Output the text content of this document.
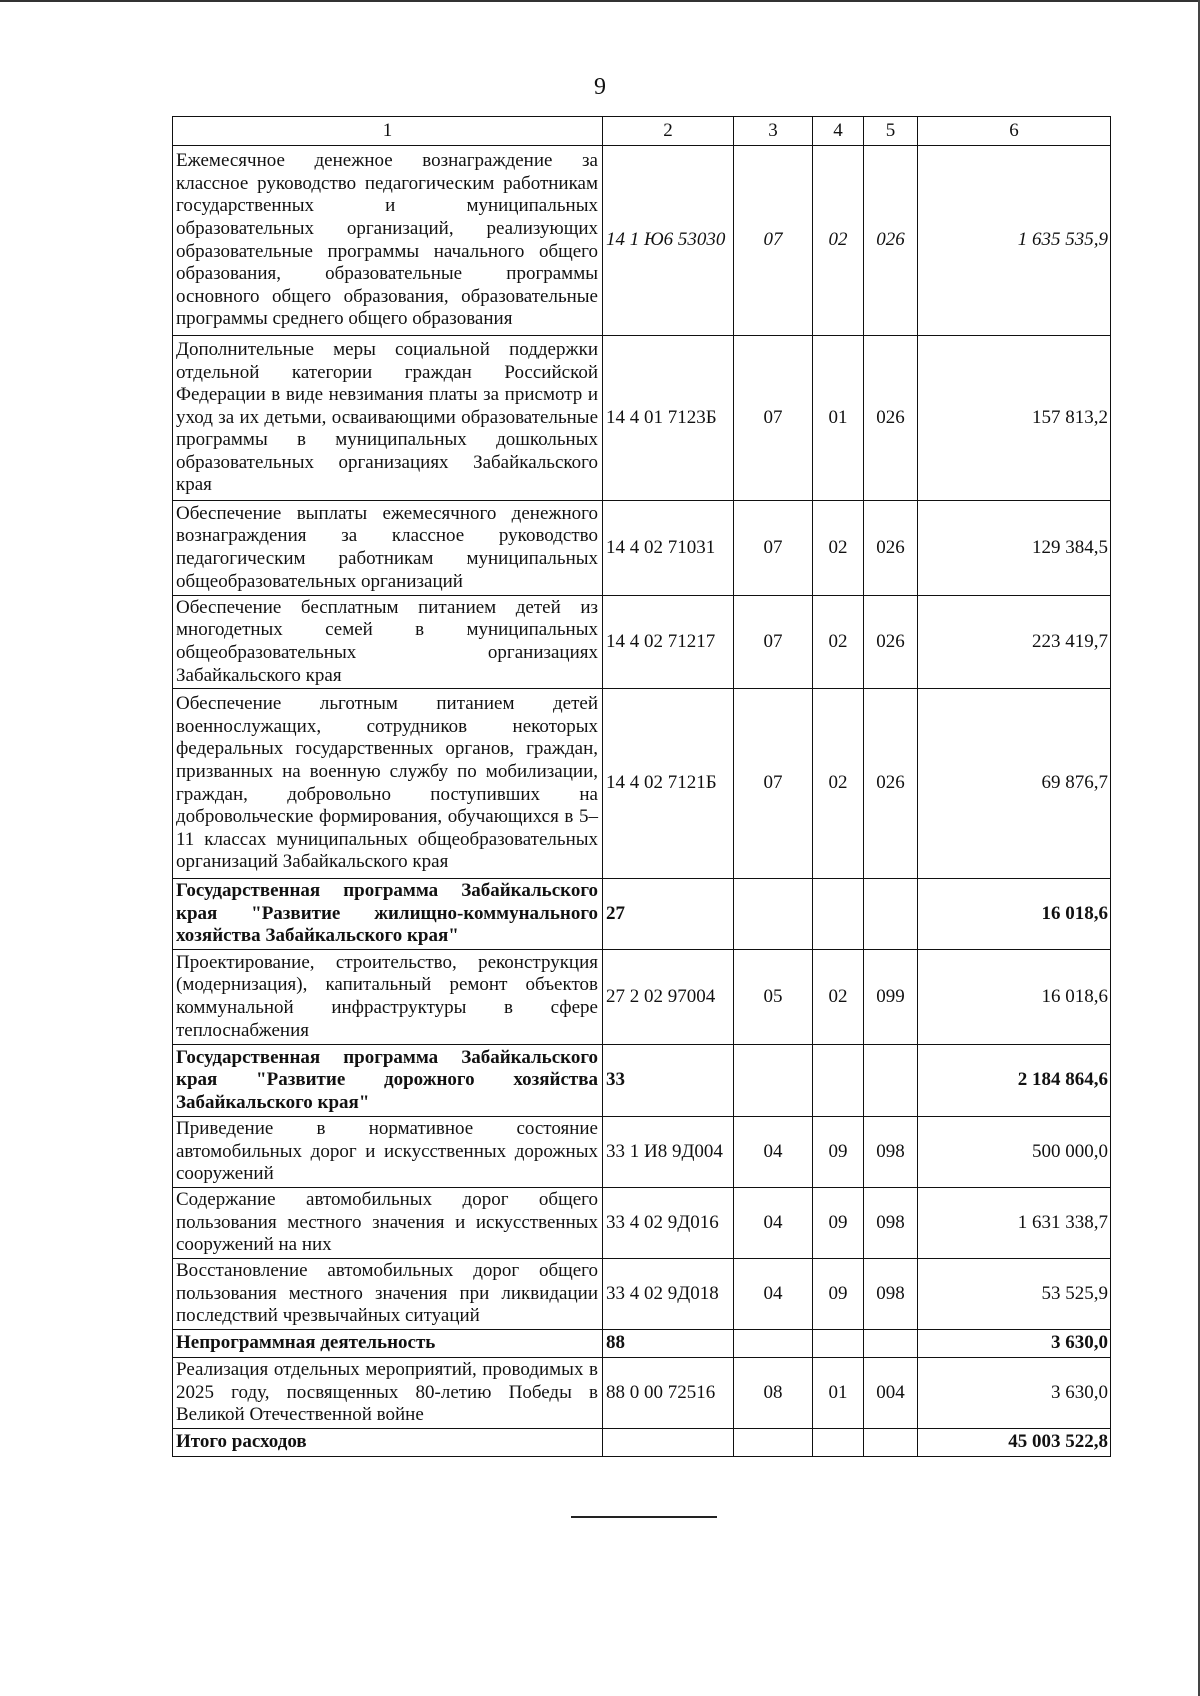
9
1	2	3	4	5	6
Ежемесячное денежное вознаграждение за классное руководство педагогическим работникам государственных и муниципальных образовательных организаций, реализующих образовательные программы начального общего образования, образовательные программы основного общего образования, образовательные программы среднего общего образования	14 1 Ю6 53030	07	02	026	1 635 535,9
Дополнительные меры социальной поддержки отдельной категории граждан Российской Федерации в виде невзимания платы за присмотр и уход за их детьми, осваивающими образовательные программы в муниципальных дошкольных образовательных организациях Забайкальского края	14 4 01 7123Б	07	01	026	157 813,2
Обеспечение выплаты ежемесячного денежного вознаграждения за классное руководство педагогическим работникам муниципальных общеобразовательных организаций	14 4 02 71031	07	02	026	129 384,5
Обеспечение бесплатным питанием детей из многодетных семей в муниципальных общеобразовательных организациях Забайкальского края	14 4 02 71217	07	02	026	223 419,7
Обеспечение льготным питанием детей военнослужащих, сотрудников некоторых федеральных государственных органов, граждан, призванных на военную службу по мобилизации, граждан, добровольно поступивших на добровольческие формирования, обучающихся в 5–11 классах муниципальных общеобразовательных организаций Забайкальского края	14 4 02 7121Б	07	02	026	69 876,7
Государственная программа Забайкальского края "Развитие жилищно-коммунального хозяйства Забайкальского края"	27				16 018,6
Проектирование, строительство, реконструкция (модернизация), капитальный ремонт объектов коммунальной инфраструктуры в сфере теплоснабжения	27 2 02 97004	05	02	099	16 018,6
Государственная программа Забайкальского края "Развитие дорожного хозяйства Забайкальского края"	33				2 184 864,6
Приведение в нормативное состояние автомобильных дорог и искусственных дорожных сооружений	33 1 И8 9Д004	04	09	098	500 000,0
Содержание автомобильных дорог общего пользования местного значения и искусственных сооружений на них	33 4 02 9Д016	04	09	098	1 631 338,7
Восстановление автомобильных дорог общего пользования местного значения при ликвидации последствий чрезвычайных ситуаций	33 4 02 9Д018	04	09	098	53 525,9
Непрограммная деятельность	88				3 630,0
Реализация отдельных мероприятий, проводимых в 2025 году, посвященных 80-летию Победы в Великой Отечественной войне	88 0 00 72516	08	01	004	3 630,0
Итого расходов					45 003 522,8
